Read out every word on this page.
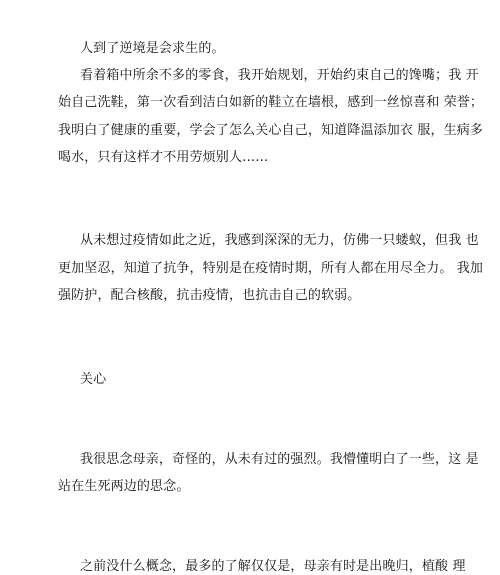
人到了逆境是会求生的。
看着箱中所余不多的零食，我开始规划，开始约束自己的馋嘴；我 开
始自己洗鞋，第一次看到洁白如新的鞋立在墙根，感到一丝惊喜和 荣誉；
我明白了健康的重要，学会了怎么关心自己，知道降温添加衣 服，生病多
喝水，只有这样才不用劳烦别人……
从未想过疫情如此之近，我感到深深的无力，仿佛一只蝼蚁，但我 也
更加坚忍，知道了抗争，特别是在疫情时期，所有人都在用尽全力。 我加
强防护，配合核酸，抗击疫情，也抗击自己的软弱。
关心
我很思念母亲，奇怪的，从未有过的强烈。我懵懂明白了一些，这 是
站在生死两边的思念。
之前没什么概念，最多的了解仅仅是，母亲有时是出晚归，植酸 理
